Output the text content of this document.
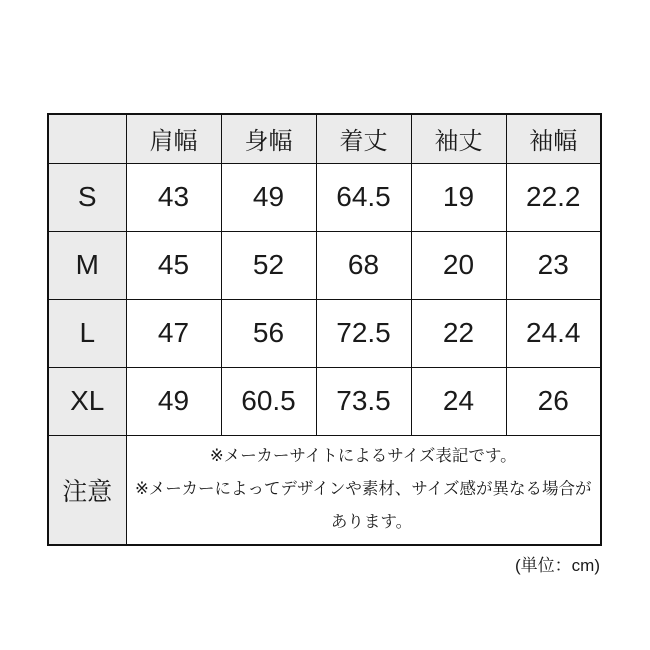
	肩幅	身幅	着丈	袖丈	袖幅
S	43	49	64.5	19	22.2
M	45	52	68	20	23
L	47	56	72.5	22	24.4
XL	49	60.5	73.5	24	26
注意	※メーカーサイトによるサイズ表記です。
※メーカーによってデザインや素材、サイズ感が異なる場合が
　あります。				
(単位：cm)
